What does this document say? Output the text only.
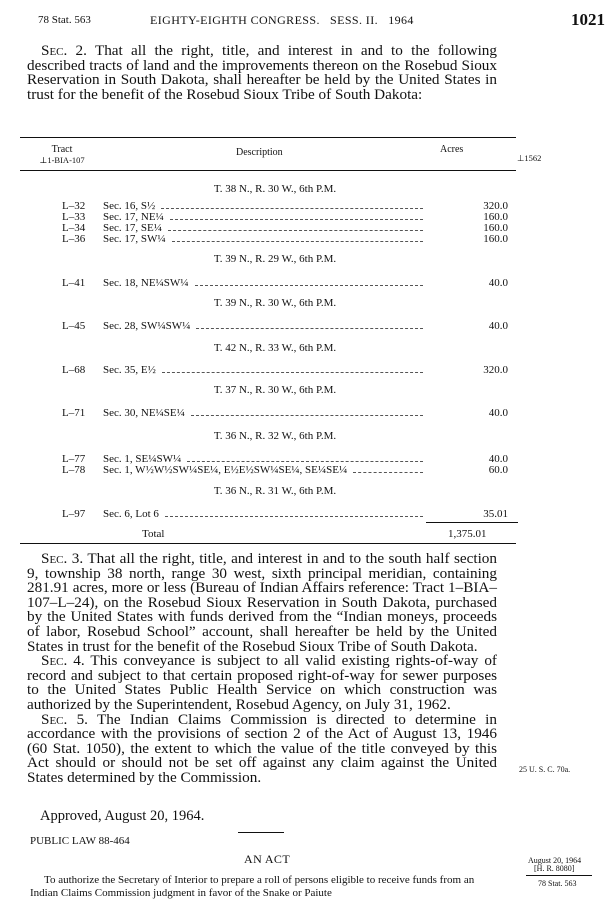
78 Stat. 563	EIGHTY-EIGHTH CONGRESS.   SESS. II.   1964	1021

Sec. 2. That all the right, title, and interest in and to the following described tracts of land and the improvements thereon on the Rosebud Sioux Reservation in South Dakota, shall hereafter be held by the United States in trust for the benefit of the Rosebud Sioux Tribe of South Dakota:

Tract
⊥1-BIA-107
Description	Acres
⊥1562
T. 38 N., R. 30 W., 6th P.M.
L–32 Sec. 16, S½	320.0
L–33 Sec. 17, NE¼	160.0
L–34 Sec. 17, SE¼	160.0
L–36 Sec. 17, SW¼	160.0
T. 39 N., R. 29 W., 6th P.M.
L–41 Sec. 18, NE¼SW¼	40.0
T. 39 N., R. 30 W., 6th P.M.
L–45 Sec. 28, SW¼SW¼	40.0
T. 42 N., R. 33 W., 6th P.M.
L–68 Sec. 35, E½	320.0
T. 37 N., R. 30 W., 6th P.M.
L–71 Sec. 30, NE¼SE¼	40.0
T. 36 N., R. 32 W., 6th P.M.
L–77 Sec. 1, SE¼SW¼	40.0
L–78 Sec. 1, W½W½SW¼SE¼, E½E½SW¼SE¼, SE¼SE¼	60.0
T. 36 N., R. 31 W., 6th P.M.
L–97 Sec. 6, Lot 6	35.01
Total	1,375.01

Sec. 3. That all the right, title, and interest in and to the south half section 9, township 38 north, range 30 west, sixth principal meridian, containing 281.91 acres, more or less (Bureau of Indian Affairs reference: Tract 1–BIA–107–L–24), on the Rosebud Sioux Reservation in South Dakota, purchased by the United States with funds derived from the “Indian moneys, proceeds of labor, Rosebud School” account, shall hereafter be held by the United States in trust for the benefit of the Rosebud Sioux Tribe of South Dakota.

Sec. 4. This conveyance is subject to all valid existing rights-of-way of record and subject to that certain proposed right-of-way for sewer purposes to the United States Public Health Service on which construction was authorized by the Superintendent, Rosebud Agency, on July 31, 1962.

Sec. 5. The Indian Claims Commission is directed to determine in accordance with the provisions of section 2 of the Act of August 13, 1946 (60 Stat. 1050), the extent to which the value of the title conveyed by this Act should or should not be set off against any claim against the United States determined by the Commission.	25 U. S. C. 70a.
Approved, August 20, 1964.
PUBLIC LAW 88-464
AN ACT
To authorize the Secretary of Interior to prepare a roll of persons eligible to receive funds from an Indian Claims Commission judgment in favor of the Snake or Paiute
August 20, 1964
[H. R. 8080]
78 Stat. 563
